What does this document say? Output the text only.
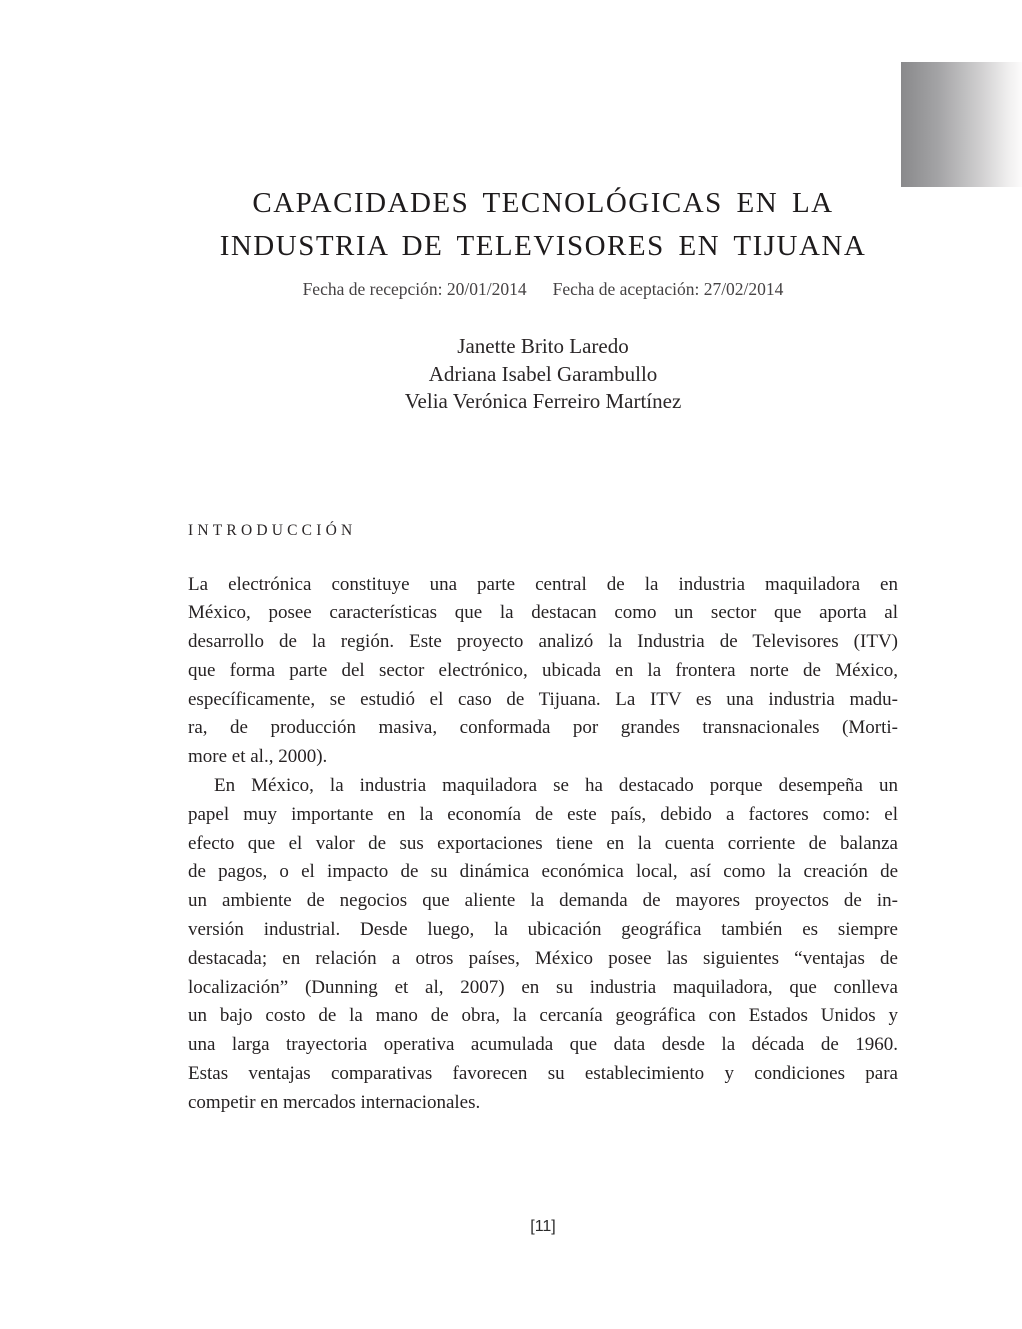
CAPACIDADES TECNOLÓGICAS EN LA
INDUSTRIA DE TELEVISORES EN TIJUANA
Fecha de recepción: 20/01/2014 Fecha de aceptación: 27/02/2014
Janette Brito Laredo
Adriana Isabel Garambullo
Velia Verónica Ferreiro Martínez
INTRODUCCIÓN
La electrónica constituye una parte central de la industria maquiladora en
México, posee características que la destacan como un sector que aporta al
desarrollo de la región. Este proyecto analizó la Industria de Televisores (ITV)
que forma parte del sector electrónico, ubicada en la frontera norte de México,
específicamente, se estudió el caso de Tijuana. La ITV es una industria madu-
ra, de producción masiva, conformada por grandes transnacionales (Morti-
more et al., 2000).
En México, la industria maquiladora se ha destacado porque desempeña un
papel muy importante en la economía de este país, debido a factores como: el
efecto que el valor de sus exportaciones tiene en la cuenta corriente de balanza
de pagos, o el impacto de su dinámica económica local, así como la creación de
un ambiente de negocios que aliente la demanda de mayores proyectos de in-
versión industrial. Desde luego, la ubicación geográfica también es siempre
destacada; en relación a otros países, México posee las siguientes “ventajas de
localización” (Dunning et al, 2007) en su industria maquiladora, que conlleva
un bajo costo de la mano de obra, la cercanía geográfica con Estados Unidos y
una larga trayectoria operativa acumulada que data desde la década de 1960.
Estas ventajas comparativas favorecen su establecimiento y condiciones para
competir en mercados internacionales.
[11]
